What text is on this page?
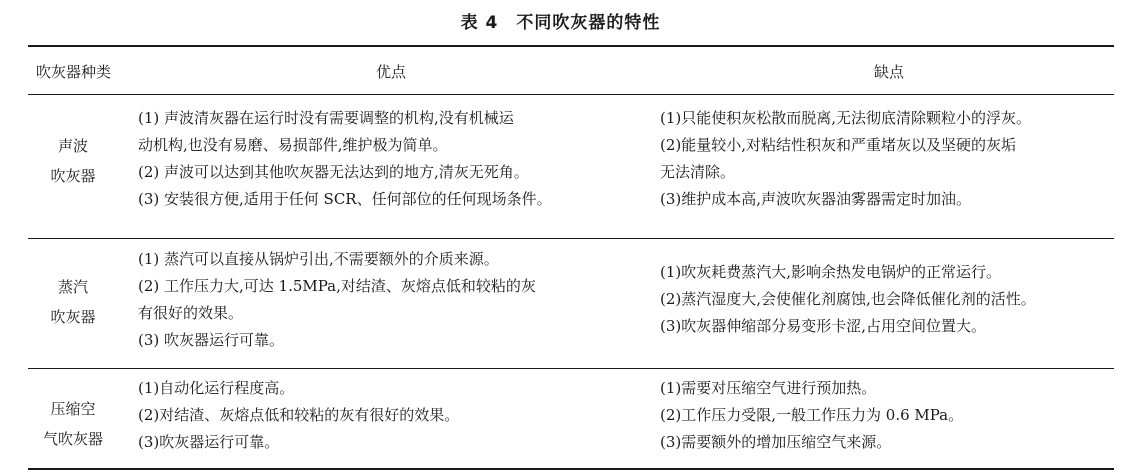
表 4　不同吹灰器的特性
吹灰器种类	优点	缺点
声波
吹灰器
(1) 声波清灰器在运行时没有需要调整的机构,没有机械运
动机构,也没有易磨、易损部件,维护极为简单。
(2) 声波可以达到其他吹灰器无法达到的地方,清灰无死角。
(3) 安装很方便,适用于任何 SCR、任何部位的任何现场条件。
(1)只能使积灰松散而脱离,无法彻底清除颗粒小的浮灰。
(2)能量较小,对粘结性积灰和严重堵灰以及坚硬的灰垢
无法清除。
(3)维护成本高,声波吹灰器油雾器需定时加油。
蒸汽
吹灰器
(1) 蒸汽可以直接从锅炉引出,不需要额外的介质来源。
(2) 工作压力大,可达 1.5MPa,对结渣、灰熔点低和较粘的灰
有很好的效果。
(3) 吹灰器运行可靠。
(1)吹灰耗费蒸汽大,影响余热发电锅炉的正常运行。
(2)蒸汽湿度大,会使催化剂腐蚀,也会降低催化剂的活性。
(3)吹灰器伸缩部分易变形卡涩,占用空间位置大。
压缩空
气吹灰器
(1)自动化运行程度高。
(2)对结渣、灰熔点低和较粘的灰有很好的效果。
(3)吹灰器运行可靠。
(1)需要对压缩空气进行预加热。
(2)工作压力受限,一般工作压力为 0.6 MPa。
(3)需要额外的增加压缩空气来源。
